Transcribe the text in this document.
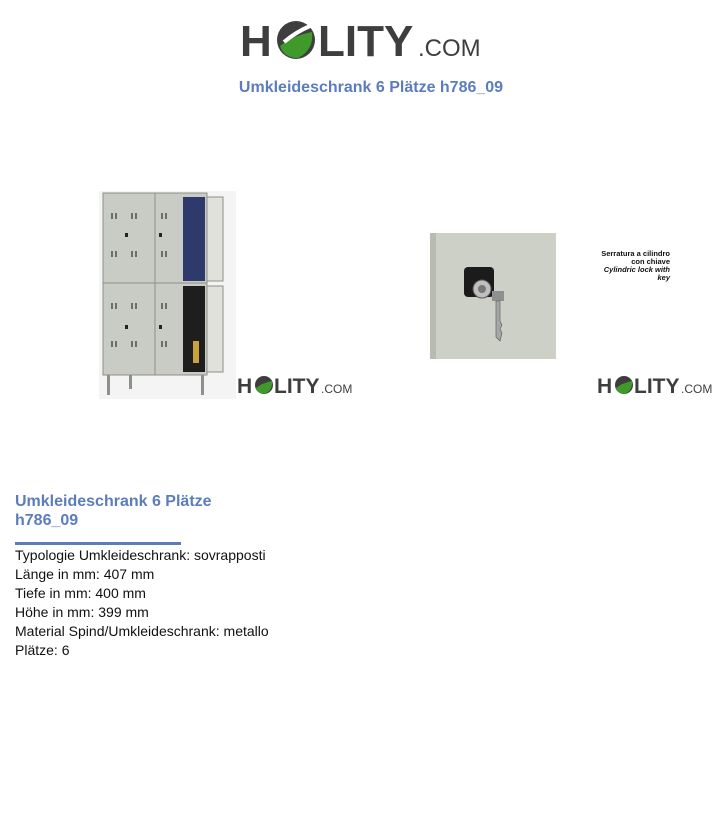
H LITY .COM
Umkleideschrank 6 Plätze h786_09
H LITY .COM
Serratura a cilindro
con chiave
Cylindric lock with
key
H LITY .COM
Umkleideschrank 6 Plätze
h786_09
Typologie Umkleideschrank: sovrapposti
Länge in mm: 407 mm
Tiefe in mm: 400 mm
Höhe in mm: 399 mm
Material Spind/Umkleideschrank: metallo
Plätze: 6
